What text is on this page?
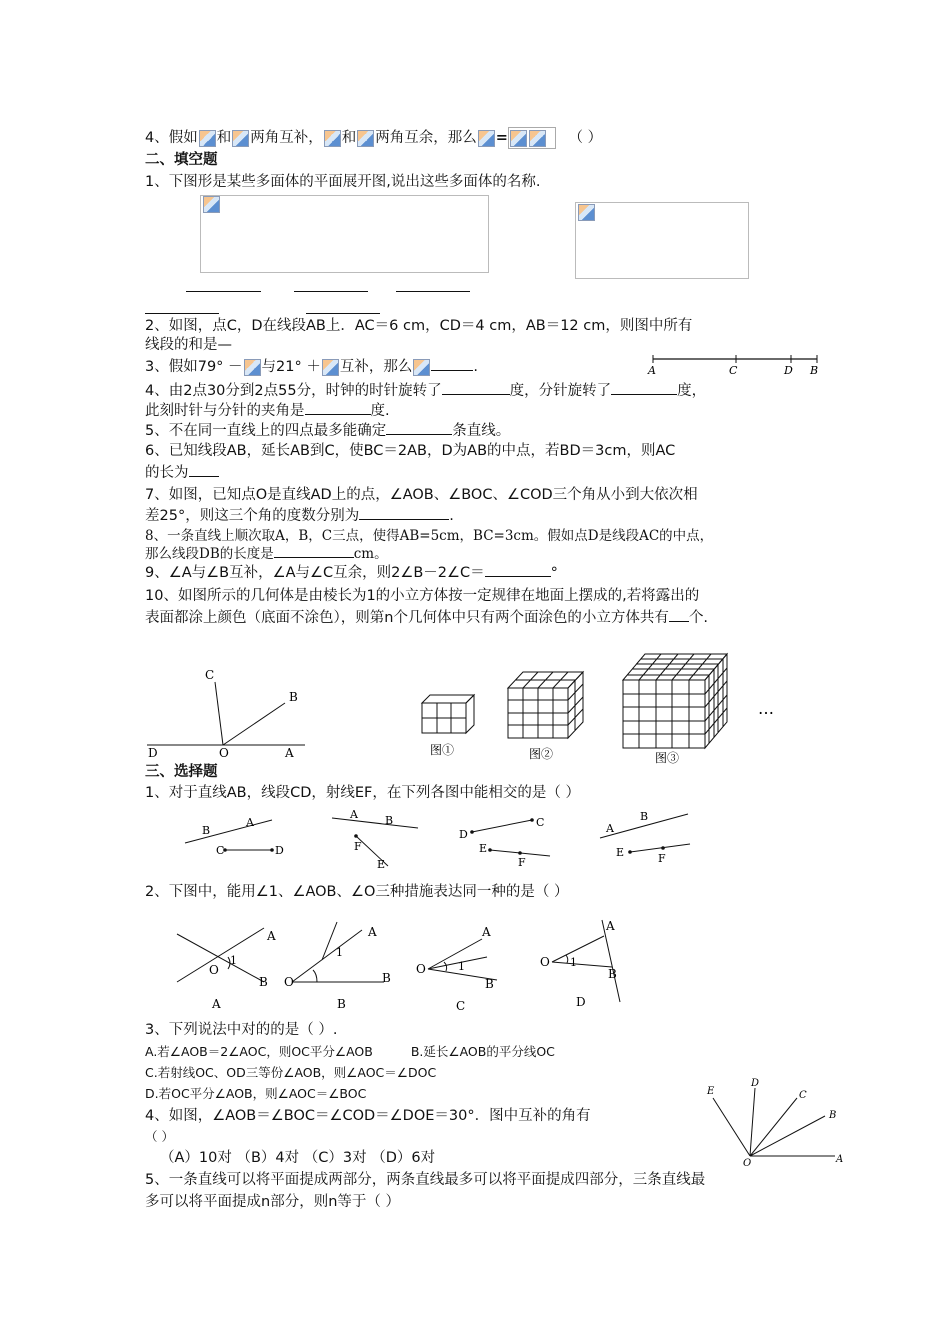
4、假如 和 两角互补， 和 两角互余，那么 =	（ ）
二、填空题
1、下图形是某些多面体的平面展开图,说出这些多面体的名称.
2、如图，点C，D在线段AB上．AC＝6 cm，CD＝4 cm，AB＝12 cm，则图中所有
线段的和是—
3、假如79° － 与21° ＋ 互补，那么	.	A	C	D B
4、由2点30分到2点55分，时钟的时针旋转了	度，分针旋转了	度，
此刻时针与分针的夹角是	度.
5、不在同一直线上的四点最多能确定	条直线。
6、已知线段AB，延长AB到C，使BC＝2AB，D为AB的中点，若BD＝3cm，则AC
的长为
7、如图，已知点O是直线AD上的点，∠AOB、∠BOC、∠COD三个角从小到大依次相
差25°，则这三个角的度数分别为	.
8、一条直线上顺次取A，B，C三点，使得AB=5cm，BC=3cm。假如点D是线段AC的中点，
那么线段DB的长度是	cm。
9、∠A与∠B互补，∠A与∠C互余，则2∠B－2∠C＝	°
10、如图所示的几何体是由棱长为1的小立方体按一定规律在地面上摆成的,若将露出的
表面都涂上颜色（底面不涂色），则第n个几何体中只有两个面涂色的小立方体共有 个.
C
B
D	O	A	图①	图②	图③
…
三、选择题
1、对于直线AB，线段CD，射线EF，在下列各图中能相交的是（ ）
B
A
C	D
A B
F
E
D
C
E
F
A
B
E	F
2、下图中，能用∠1、∠AOB、∠O三种措施表达同一种的是（ ）
A
O
1
B
A
A
1
O	B
B
A
O	1
B
C
O 1
A
B
D
3、下列说法中对的的是（ ）.
A.若∠AOB＝2∠AOC，则OC平分∠AOB	B.延长∠AOB的平分线OC
C.若射线OC、OD三等份∠AOB，则∠AOC＝∠DOC
D.若OC平分∠AOB，则∠AOC＝∠BOC
4、如图，∠AOB＝∠BOC＝∠COD＝∠DOE＝30°．图中互补的角有
（ ）
（A）10对 （B）4对 （C）3对 （D）6对
E
D
C
B
O	A
5、一条直线可以将平面提成两部分，两条直线最多可以将平面提成四部分，三条直线最
多可以将平面提成n部分，则n等于（ ）
